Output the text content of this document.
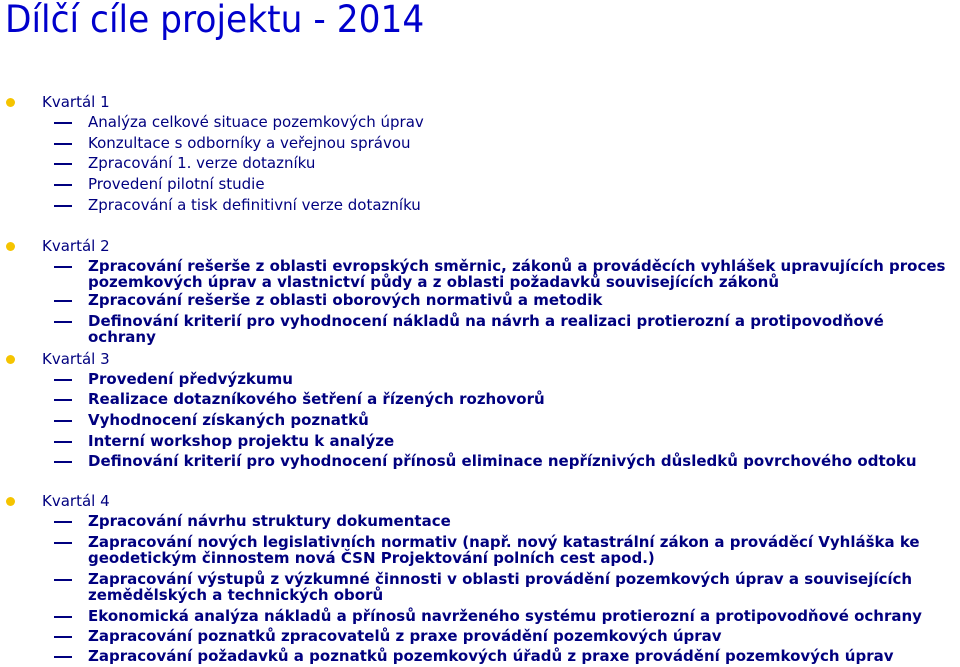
Dílčí cíle projektu - 2014
Kvartál 1
Analýza celkové situace pozemkových úprav
Konzultace s odborníky a veřejnou správou
Zpracování 1. verze dotazníku
Provedení pilotní studie
Zpracování a tisk definitivní verze dotazníku
Kvartál 2
Zpracování rešerše z oblasti evropských směrnic, zákonů a prováděcích vyhlášek upravujících proces pozemkových úprav a vlastnictví půdy a z oblasti požadavků souvisejících zákonů
Zpracování rešerše z oblasti oborových normativů a metodik
Definování kriterií pro vyhodnocení nákladů na návrh a realizaci protierozní a protipovodňové ochrany
Kvartál 3
Provedení předvýzkumu
Realizace dotazníkového šetření a řízených rozhovorů
Vyhodnocení získaných poznatků
Interní workshop projektu k analýze
Definování kriterií pro vyhodnocení přínosů eliminace nepříznivých důsledků povrchového odtoku
Kvartál 4
Zpracování návrhu struktury dokumentace
Zapracování nových legislativních normativ (např. nový katastrální zákon a prováděcí Vyhláška ke geodetickým činnostem nová ČSN Projektování polních cest apod.)
Zapracování výstupů z výzkumné činnosti v oblasti provádění pozemkových úprav a souvisejících zemědělských a technických oborů
Ekonomická analýza nákladů a přínosů navrženého systému protierozní a protipovodňové ochrany
Zapracování poznatků zpracovatelů z praxe provádění pozemkových úprav
Zapracování požadavků a poznatků pozemkových úřadů z praxe provádění pozemkových úprav
